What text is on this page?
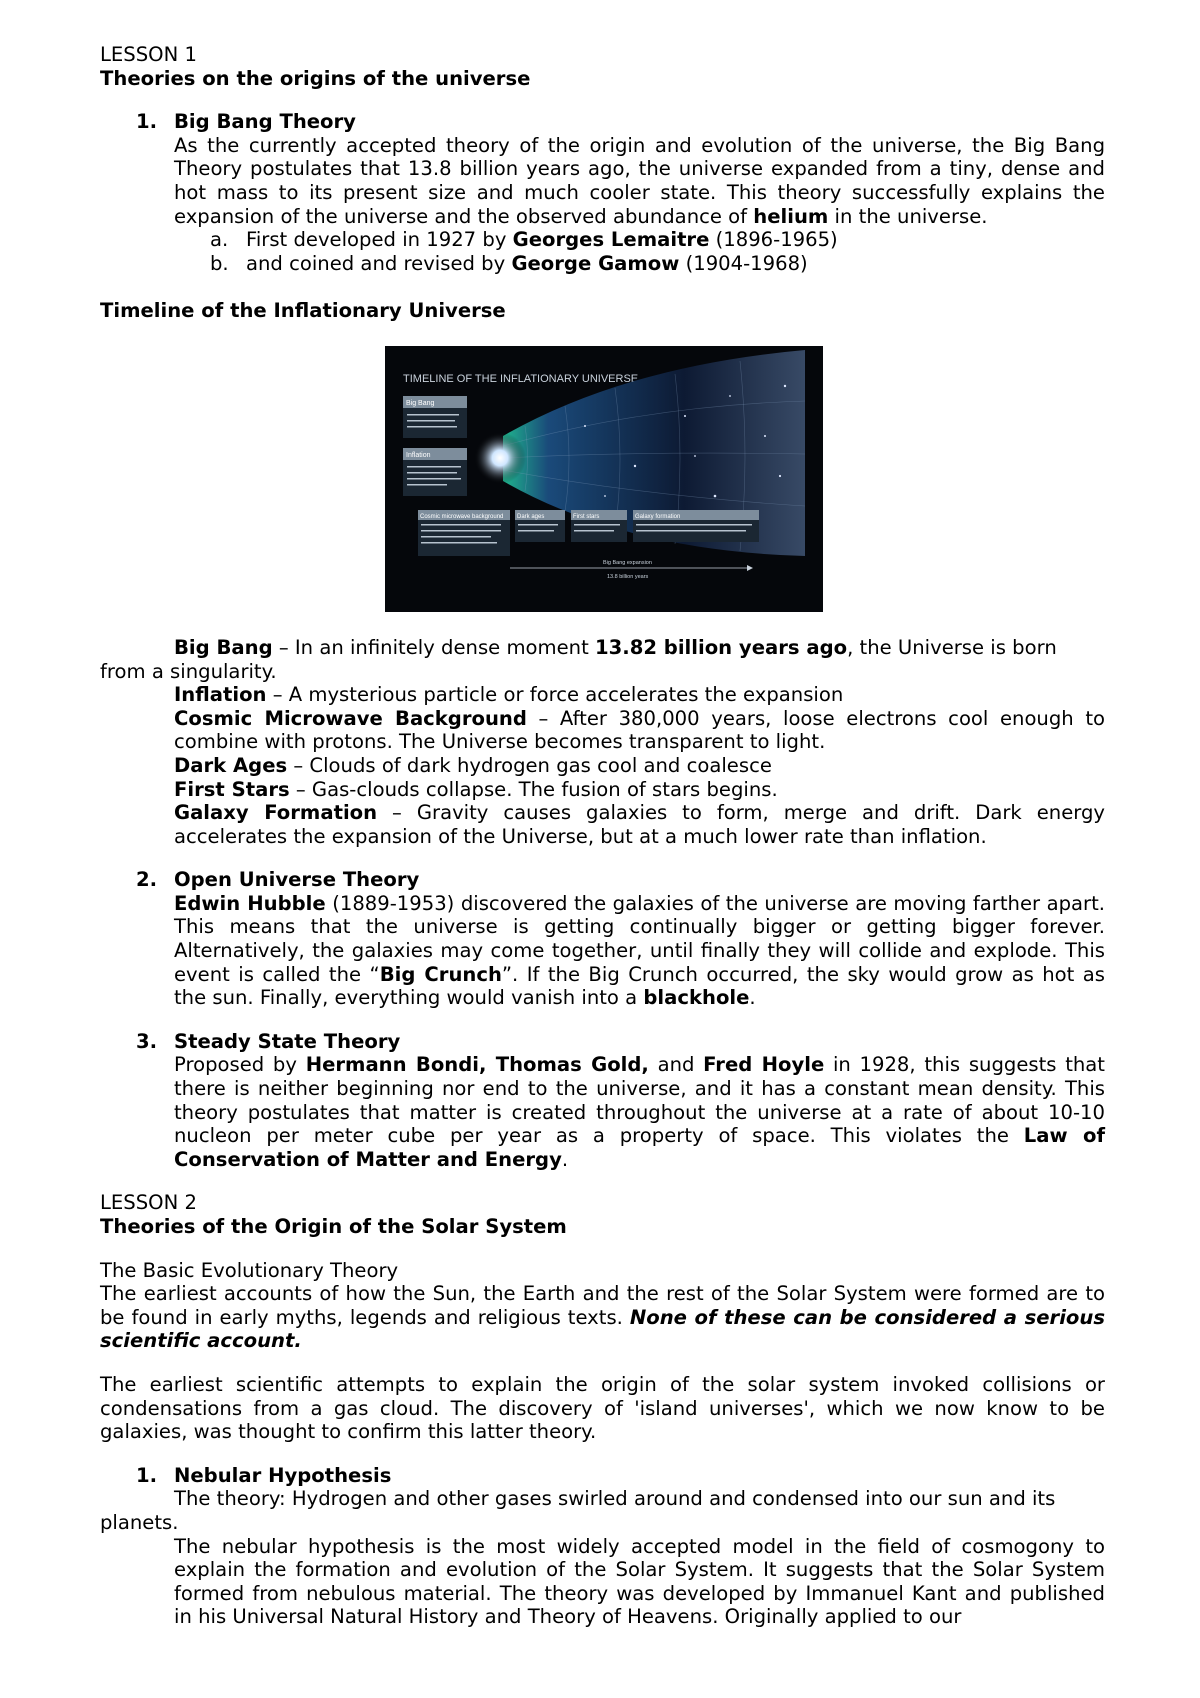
LESSON 1

Theories on the origins of the universe

1. Big Bang Theory

As the currently accepted theory of the origin and evolution of the universe, the Big Bang Theory postulates that 13.8 billion years ago, the universe expanded from a tiny, dense and hot mass to its present size and much cooler state. This theory successfully explains the expansion of the universe and the observed abundance of helium in the universe.

a. First developed in 1927 by Georges Lemaitre (1896-1965)
b. and coined and revised by George Gamow (1904-1968)

Timeline of the Inflationary Universe

TIMELINE OF THE INFLATIONARY UNIVERSE
Big Bang
Inflation
Cosmic microwave background Dark ages	First stars	Galaxy formation
Big Bang expansion
13.8 billion years

Big Bang – In an infinitely dense moment 13.82 billion years ago, the Universe is born

from a singularity.

Inflation – A mysterious particle or force accelerates the expansion

Cosmic Microwave Background – After 380,000 years, loose electrons cool enough to combine with protons. The Universe becomes transparent to light.

Dark Ages – Clouds of dark hydrogen gas cool and coalesce

First Stars – Gas-clouds collapse. The fusion of stars begins.

Galaxy Formation – Gravity causes galaxies to form, merge and drift. Dark energy accelerates the expansion of the Universe, but at a much lower rate than inflation.

2. Open Universe Theory

Edwin Hubble (1889-1953) discovered the galaxies of the universe are moving farther apart. This means that the universe is getting continually bigger or getting bigger forever. Alternatively, the galaxies may come together, until finally they will collide and explode. This event is called the “Big Crunch”. If the Big Crunch occurred, the sky would grow as hot as the sun. Finally, everything would vanish into a blackhole.

3. Steady State Theory

Proposed by Hermann Bondi, Thomas Gold, and Fred Hoyle in 1928, this suggests that there is neither beginning nor end to the universe, and it has a constant mean density. This theory postulates that matter is created throughout the universe at a rate of about 10-10 nucleon per meter cube per year as a property of space. This violates the Law of Conservation of Matter and Energy.

LESSON 2

Theories of the Origin of the Solar System

The Basic Evolutionary Theory

The earliest accounts of how the Sun, the Earth and the rest of the Solar System were formed are to be found in early myths, legends and religious texts. None of these can be considered a serious scientific account.

The earliest scientific attempts to explain the origin of the solar system invoked collisions or condensations from a gas cloud. The discovery of 'island universes', which we now know to be galaxies, was thought to confirm this latter theory.

1. Nebular Hypothesis

The theory: Hydrogen and other gases swirled around and condensed into our sun and its

planets.

The nebular hypothesis is the most widely accepted model in the field of cosmogony to explain the formation and evolution of the Solar System. It suggests that the Solar System formed from nebulous material. The theory was developed by Immanuel Kant and published in his Universal Natural History and Theory of Heavens. Originally applied to our
